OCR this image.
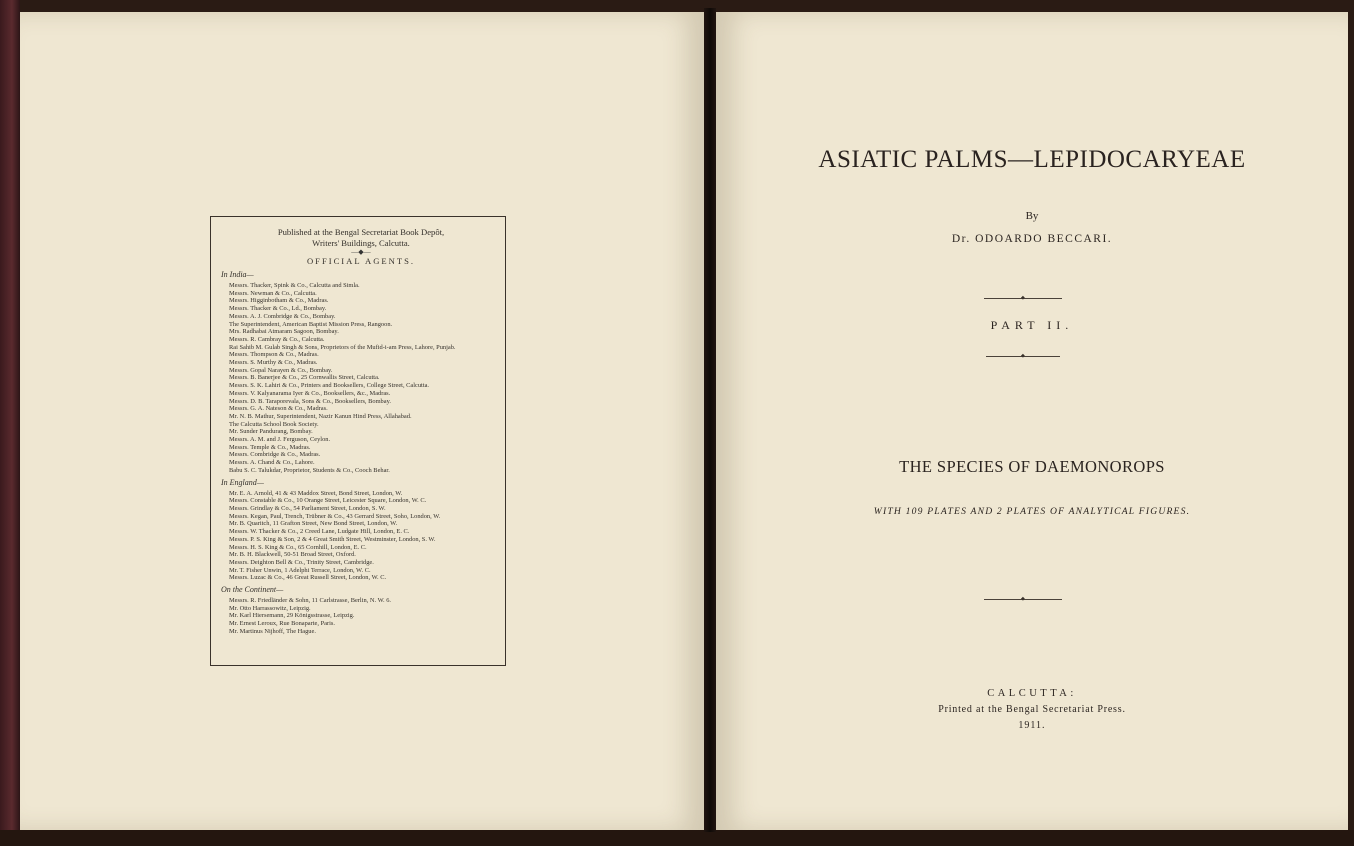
Published at the Bengal Secretariat Book Depôt,

Writers' Buildings, Calcutta.

—◆—

OFFICIAL AGENTS.

In India—
Messrs. Thacker, Spink & Co., Calcutta and Simla.
Messrs. Newman & Co., Calcutta.
Messrs. Higginbotham & Co., Madras.
Messrs. Thacker & Co., Ld., Bombay.
Messrs. A. J. Combridge & Co., Bombay.
The Superintendent, American Baptist Mission Press, Rangoon.
Mrs. Radhabai Atmaram Sagoon, Bombay.
Messrs. R. Cambray & Co., Calcutta.
Rai Sahib M. Gulab Singh & Sons, Proprietors of the Mufid-i-am Press, Lahore, Punjab.
Messrs. Thompson & Co., Madras.
Messrs. S. Murthy & Co., Madras.
Messrs. Gopal Narayen & Co., Bombay.
Messrs. B. Banerjee & Co., 25 Cornwallis Street, Calcutta.
Messrs. S. K. Lahiri & Co., Printers and Booksellers, College Street, Calcutta.
Messrs. V. Kalyanarama Iyer & Co., Booksellers, &c., Madras.
Messrs. D. B. Taraporevala, Sons & Co., Booksellers, Bombay.
Messrs. G. A. Nateson & Co., Madras.
Mr. N. B. Mathur, Superintendent, Nazir Kanun Hind Press, Allahabad.
The Calcutta School Book Society.
Mr. Sunder Pandurang, Bombay.
Messrs. A. M. and J. Ferguson, Ceylon.
Messrs. Temple & Co., Madras.
Messrs. Combridge & Co., Madras.
Messrs. A. Chand & Co., Lahore.
Babu S. C. Talukdar, Proprietor, Students & Co., Cooch Behar.
In England—
Mr. E. A. Arnold, 41 & 43 Maddox Street, Bond Street, London, W.
Messrs. Constable & Co., 10 Orange Street, Leicester Square, London, W. C.
Messrs. Grindlay & Co., 54 Parliament Street, London, S. W.
Messrs. Kegan, Paul, Trench, Trübner & Co., 43 Gerrard Street, Soho, London, W.
Mr. B. Quaritch, 11 Grafton Street, New Bond Street, London, W.
Messrs. W. Thacker & Co., 2 Creed Lane, Ludgate Hill, London, E. C.
Messrs. P. S. King & Son, 2 & 4 Great Smith Street, Westminster, London, S. W.
Messrs. H. S. King & Co., 65 Cornhill, London, E. C.
Mr. B. H. Blackwell, 50-51 Broad Street, Oxford.
Messrs. Deighton Bell & Co., Trinity Street, Cambridge.
Mr. T. Fisher Unwin, 1 Adelphi Terrace, London, W. C.
Messrs. Luzac & Co., 46 Great Russell Street, London, W. C.
On the Continent—
Messrs. R. Friedländer & Sohn, 11 Carlstrasse, Berlin, N. W. 6.
Mr. Otto Harrassowitz, Leipzig.
Mr. Karl Hiersemann, 29 Königsstrasse, Leipzig.
Mr. Ernest Leroux, Rue Bonaparte, Paris.
Mr. Martinus Nijhoff, The Hague.
ASIATIC PALMS—LEPIDOCARYEAE
By
Dr. ODOARDO BECCARI.
◆
PART II.
◆
THE SPECIES OF DAEMONOROPS
WITH 109 PLATES AND 2 PLATES OF ANALYTICAL FIGURES.
◆
CALCUTTA:
Printed at the Bengal Secretariat Press.
1911.
